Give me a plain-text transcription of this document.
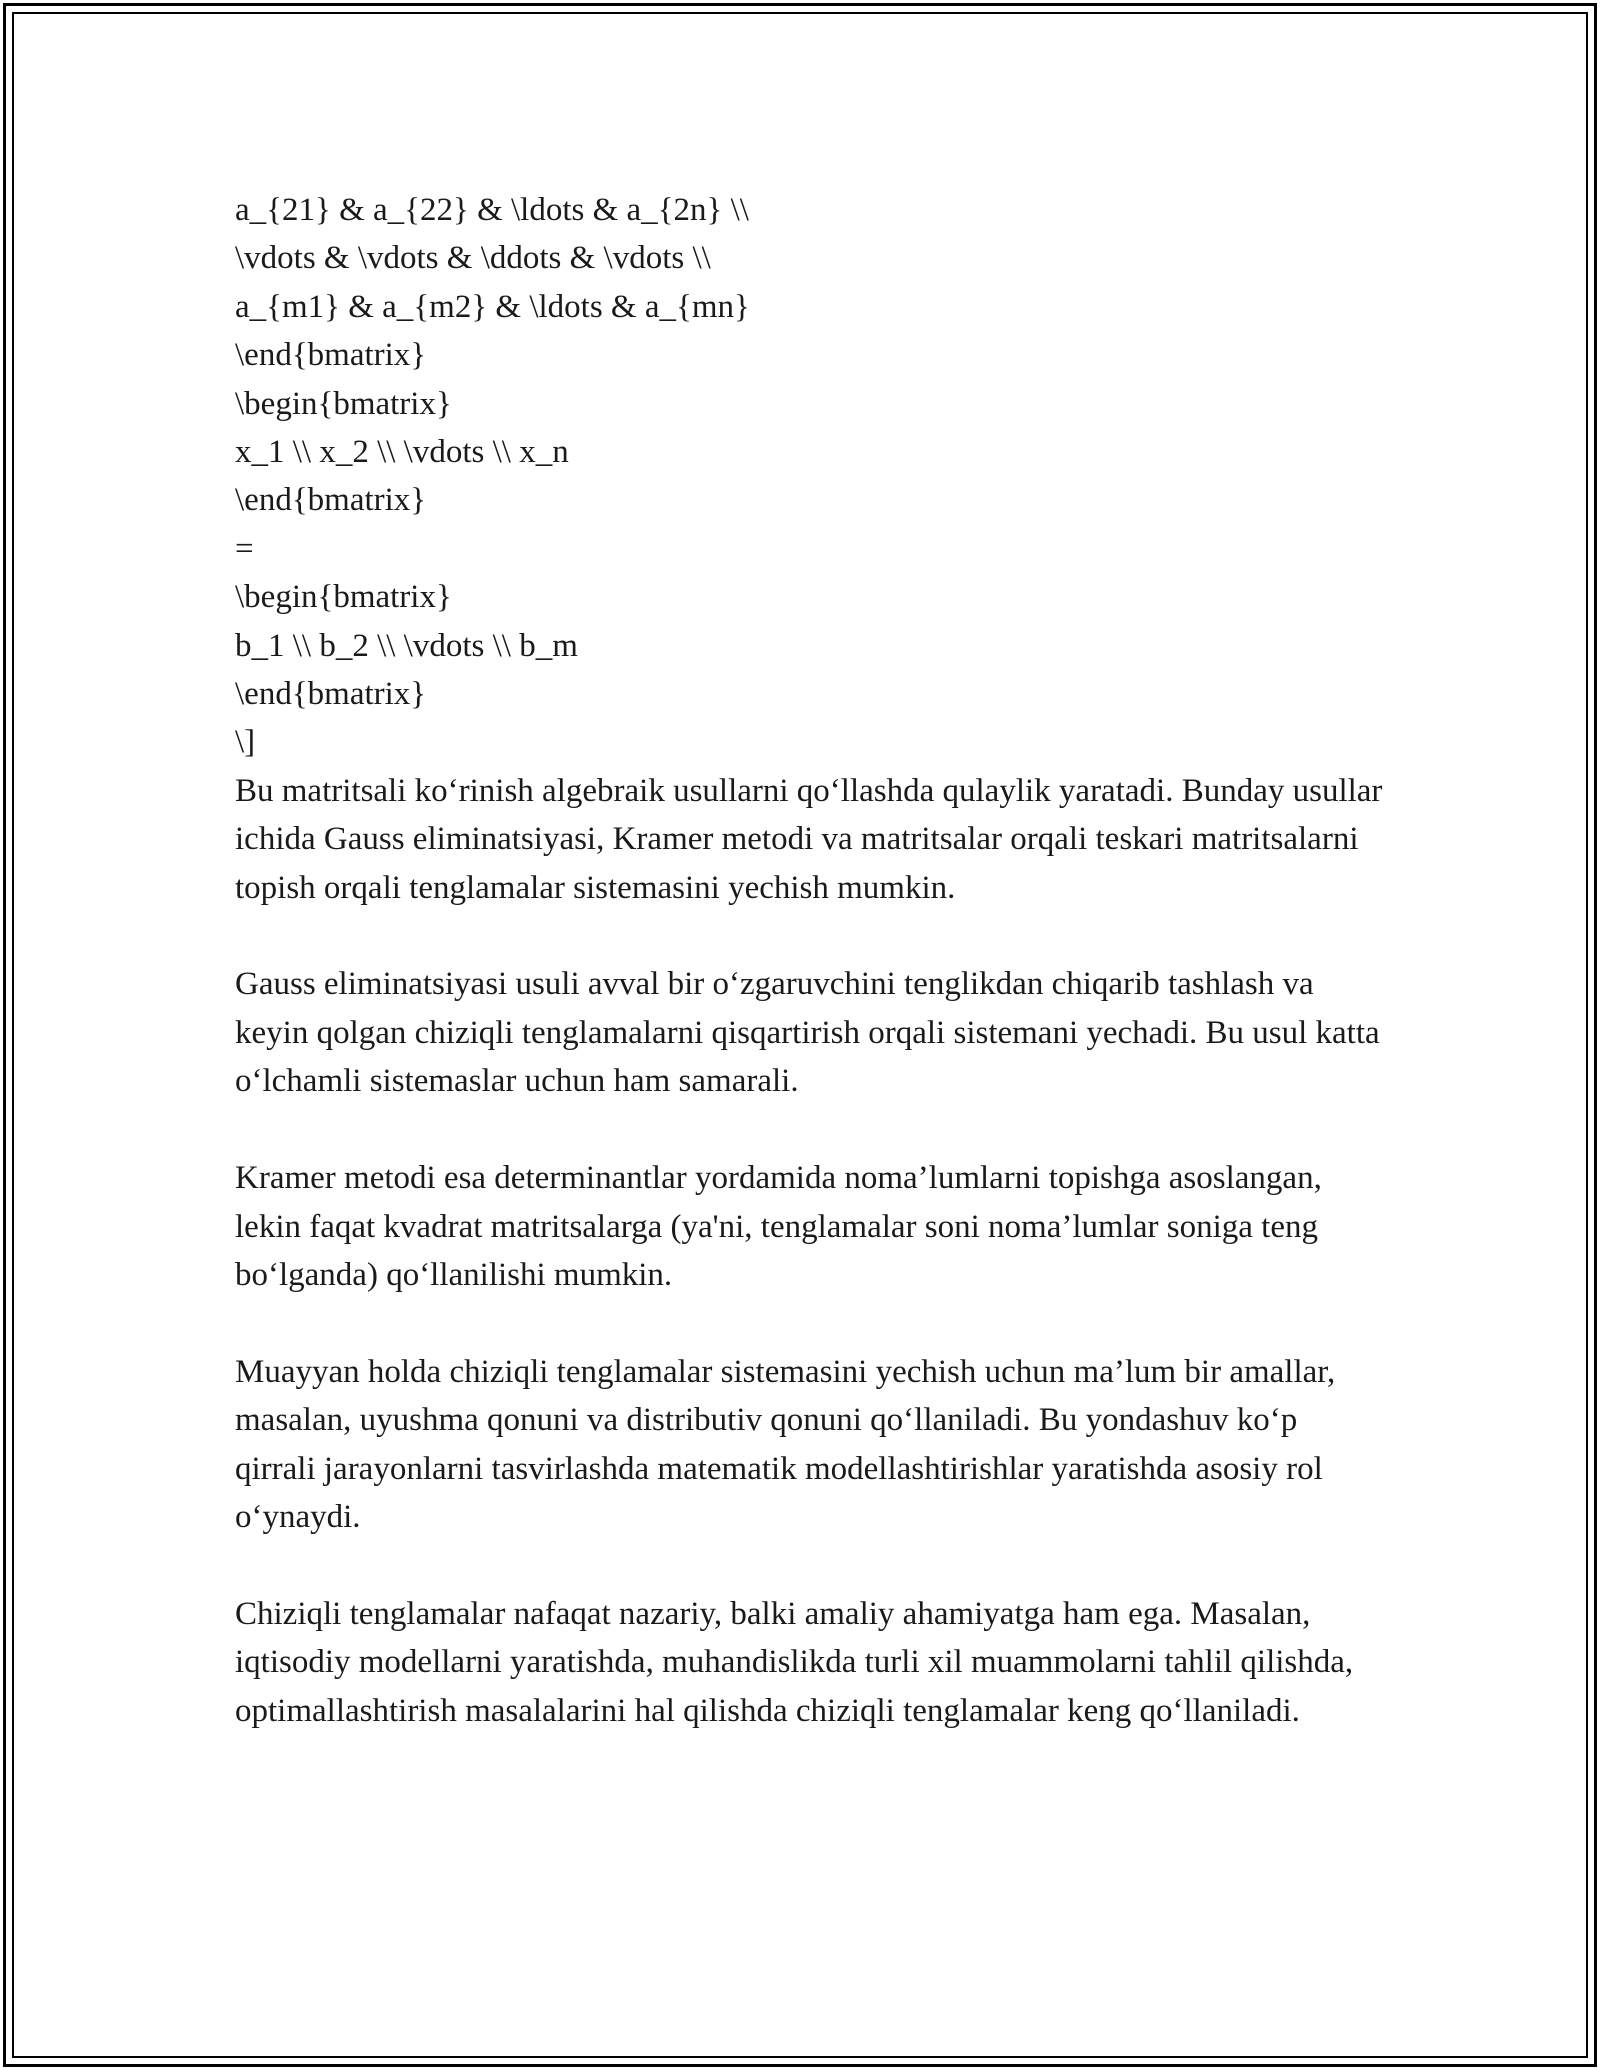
a_{21} & a_{22} & \ldots & a_{2n} \\
\vdots & \vdots & \ddots & \vdots \\
a_{m1} & a_{m2} & \ldots & a_{mn}
\end{bmatrix}
\begin{bmatrix}
x_1 \\ x_2 \\ \vdots \\ x_n
\end{bmatrix}
=
\begin{bmatrix}
b_1 \\ b_2 \\ \vdots \\ b_m
\end{bmatrix}
\]

Bu matritsali ko‘rinish algebraik usullarni qo‘llashda qulaylik yaratadi. Bunday usullar ichida Gauss eliminatsiyasi, Kramer metodi va matritsalar orqali teskari matritsalarni topish orqali tenglamalar sistemasini yechish mumkin.

Gauss eliminatsiyasi usuli avval bir o‘zgaruvchini tenglikdan chiqarib tashlash va keyin qolgan chiziqli tenglamalarni qisqartirish orqali sistemani yechadi. Bu usul katta o‘lchamli sistemaslar uchun ham samarali.

Kramer metodi esa determinantlar yordamida noma’lumlarni topishga asoslangan, lekin faqat kvadrat matritsalarga (ya'ni, tenglamalar soni noma’lumlar soniga teng bo‘lganda) qo‘llanilishi mumkin.

Muayyan holda chiziqli tenglamalar sistemasini yechish uchun ma’lum bir amallar, masalan, uyushma qonuni va distributiv qonuni qo‘llaniladi. Bu yondashuv ko‘p qirrali jarayonlarni tasvirlashda matematik modellashtirishlar yaratishda asosiy rol o‘ynaydi.

Chiziqli tenglamalar nafaqat nazariy, balki amaliy ahamiyatga ham ega. Masalan, iqtisodiy modellarni yaratishda, muhandislikda turli xil muammolarni tahlil qilishda, optimallashtirish masalalarini hal qilishda chiziqli tenglamalar keng qo‘llaniladi.
